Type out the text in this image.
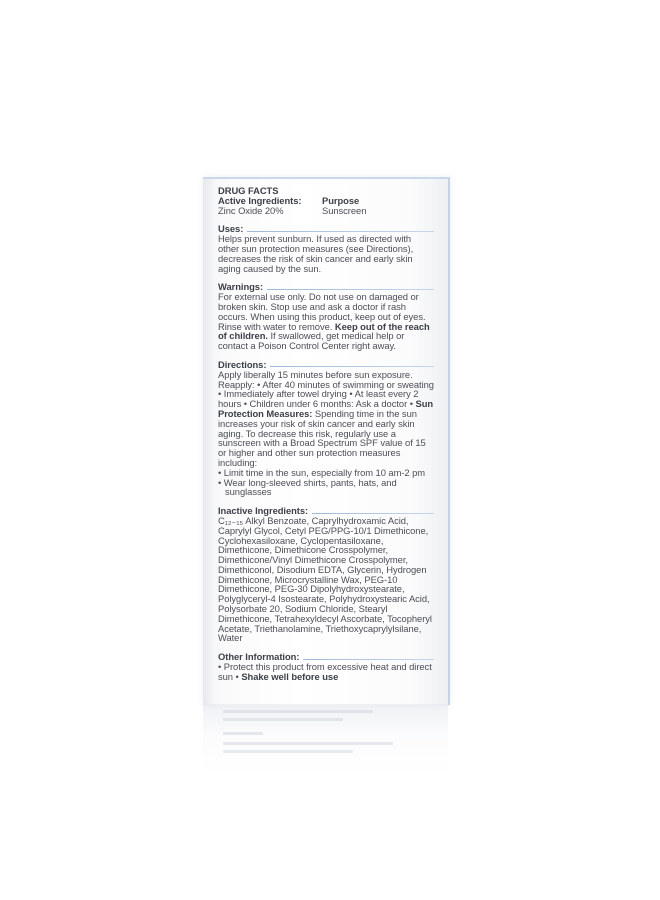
DRUG FACTS
Active Ingredients:	Purpose
Zinc Oxide 20%	Sunscreen
Uses:

Helps prevent sunburn. If used as directed with other sun protection measures (see Directions), decreases the risk of skin cancer and early skin aging caused by the sun.

Warnings:

For external use only. Do not use on damaged or broken skin. Stop use and ask a doctor if rash occurs. When using this product, keep out of eyes. Rinse with water to remove. Keep out of the reach of children. If swallowed, get medical help or contact a Poison Control Center right away.

Directions:

Apply liberally 15 minutes before sun exposure. Reapply: • After 40 minutes of swimming or sweating • Immediately after towel drying • At least every 2 hours • Children under 6 months: Ask a doctor • Sun Protection Measures: Spending time in the sun increases your risk of skin cancer and early skin aging. To decrease this risk, regularly use a sunscreen with a Broad Spectrum SPF value of 15 or higher and other sun protection measures including:

• Limit time in the sun, especially from 10 am-2 pm
• Wear long-sleeved shirts, pants, hats, and sunglasses
Inactive Ingredients:

C₁₂₋₁₅ Alkyl Benzoate, Caprylhydroxamic Acid, Caprylyl Glycol, Cetyl PEG/PPG-10/1 Dimethicone, Cyclohexasiloxane, Cyclopentasiloxane, Dimethicone, Dimethicone Crosspolymer, Dimethicone/Vinyl Dimethicone Crosspolymer, Dimethiconol, Disodium EDTA, Glycerin, Hydrogen Dimethicone, Microcrystalline Wax, PEG-10 Dimethicone, PEG-30 Dipolyhydroxystearate, Polyglyceryl-4 Isostearate, Polyhydroxystearic Acid, Polysorbate 20, Sodium Chloride, Stearyl Dimethicone, Tetrahexyldecyl Ascorbate, Tocopheryl Acetate, Triethanolamine, Triethoxycaprylylsilane, Water

Other Information:

• Protect this product from excessive heat and direct sun • Shake well before use
